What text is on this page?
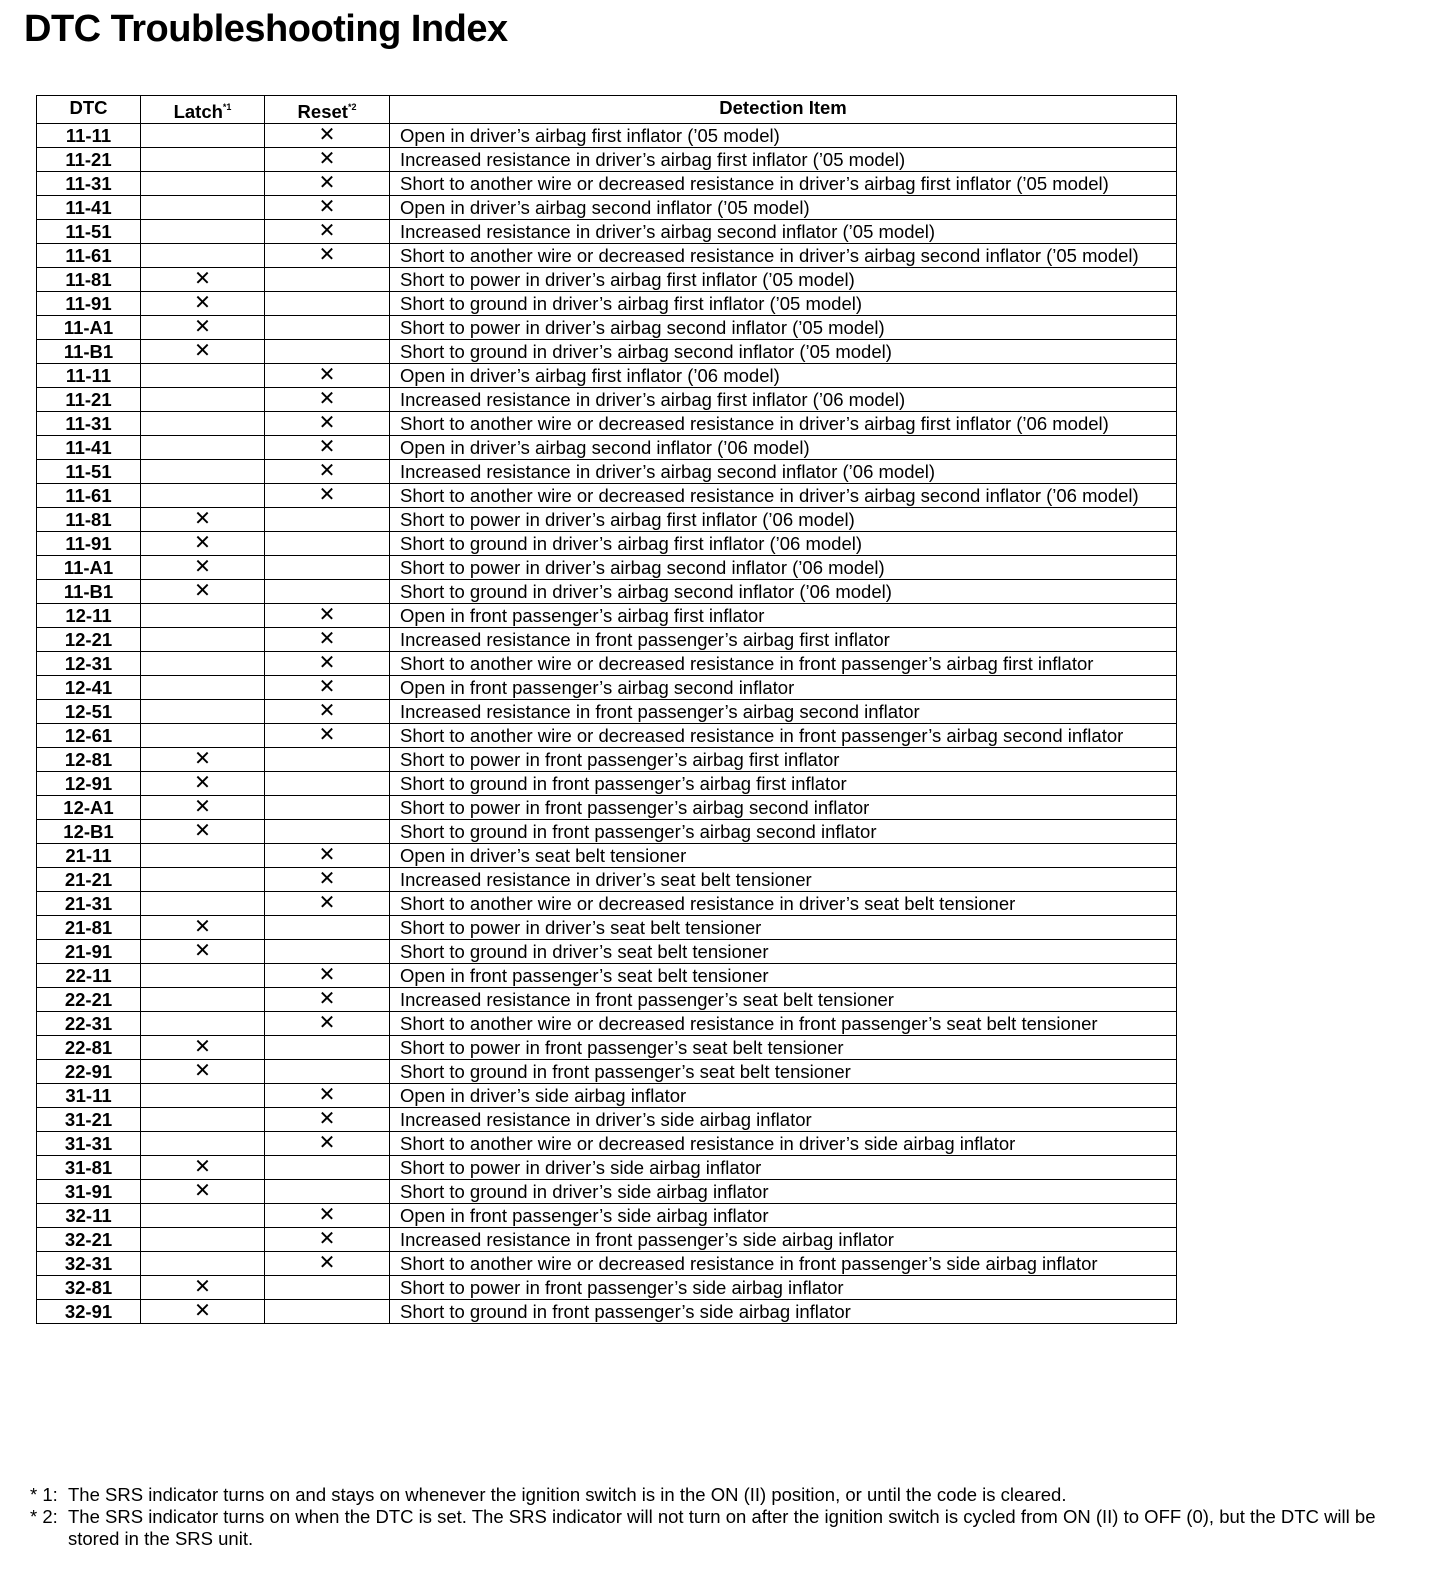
DTC Troubleshooting Index
DTC	Latch$^{*1}$	Reset$^{*2}$	Detection Item
11-11		✕	Open in driver’s airbag first inflator (’05 model)
11-21		✕	Increased resistance in driver’s airbag first inflator (’05 model)
11-31		✕	Short to another wire or decreased resistance in driver’s airbag first inflator (’05 model)
11-41		✕	Open in driver’s airbag second inflator (’05 model)
11-51		✕	Increased resistance in driver’s airbag second inflator (’05 model)
11-61		✕	Short to another wire or decreased resistance in driver’s airbag second inflator (’05 model)
11-81	✕		Short to power in driver’s airbag first inflator (’05 model)
11-91	✕		Short to ground in driver’s airbag first inflator (’05 model)
11-A1	✕		Short to power in driver’s airbag second inflator (’05 model)
11-B1	✕		Short to ground in driver’s airbag second inflator (’05 model)
11-11		✕	Open in driver’s airbag first inflator (’06 model)
11-21		✕	Increased resistance in driver’s airbag first inflator (’06 model)
11-31		✕	Short to another wire or decreased resistance in driver’s airbag first inflator (’06 model)
11-41		✕	Open in driver’s airbag second inflator (’06 model)
11-51		✕	Increased resistance in driver’s airbag second inflator (’06 model)
11-61		✕	Short to another wire or decreased resistance in driver’s airbag second inflator (’06 model)
11-81	✕		Short to power in driver’s airbag first inflator (’06 model)
11-91	✕		Short to ground in driver’s airbag first inflator (’06 model)
11-A1	✕		Short to power in driver’s airbag second inflator (’06 model)
11-B1	✕		Short to ground in driver’s airbag second inflator (’06 model)
12-11		✕	Open in front passenger’s airbag first inflator
12-21		✕	Increased resistance in front passenger’s airbag first inflator
12-31		✕	Short to another wire or decreased resistance in front passenger’s airbag first inflator
12-41		✕	Open in front passenger’s airbag second inflator
12-51		✕	Increased resistance in front passenger’s airbag second inflator
12-61		✕	Short to another wire or decreased resistance in front passenger’s airbag second inflator
12-81	✕		Short to power in front passenger’s airbag first inflator
12-91	✕		Short to ground in front passenger’s airbag first inflator
12-A1	✕		Short to power in front passenger’s airbag second inflator
12-B1	✕		Short to ground in front passenger’s airbag second inflator
21-11		✕	Open in driver’s seat belt tensioner
21-21		✕	Increased resistance in driver’s seat belt tensioner
21-31		✕	Short to another wire or decreased resistance in driver’s seat belt tensioner
21-81	✕		Short to power in driver’s seat belt tensioner
21-91	✕		Short to ground in driver’s seat belt tensioner
22-11		✕	Open in front passenger’s seat belt tensioner
22-21		✕	Increased resistance in front passenger’s seat belt tensioner
22-31		✕	Short to another wire or decreased resistance in front passenger’s seat belt tensioner
22-81	✕		Short to power in front passenger’s seat belt tensioner
22-91	✕		Short to ground in front passenger’s seat belt tensioner
31-11		✕	Open in driver’s side airbag inflator
31-21		✕	Increased resistance in driver’s side airbag inflator
31-31		✕	Short to another wire or decreased resistance in driver’s side airbag inflator
31-81	✕		Short to power in driver’s side airbag inflator
31-91	✕		Short to ground in driver’s side airbag inflator
32-11		✕	Open in front passenger’s side airbag inflator
32-21		✕	Increased resistance in front passenger’s side airbag inflator
32-31		✕	Short to another wire or decreased resistance in front passenger’s side airbag inflator
32-81	✕		Short to power in front passenger’s side airbag inflator
32-91	✕		Short to ground in front passenger’s side airbag inflator
* 1: The SRS indicator turns on and stays on whenever the ignition switch is in the ON (II) position, or until the code is cleared.
* 2: The SRS indicator turns on when the DTC is set. The SRS indicator will not turn on after the ignition switch is cycled from ON (II) to OFF (0), but the DTC will be stored in the SRS unit.
